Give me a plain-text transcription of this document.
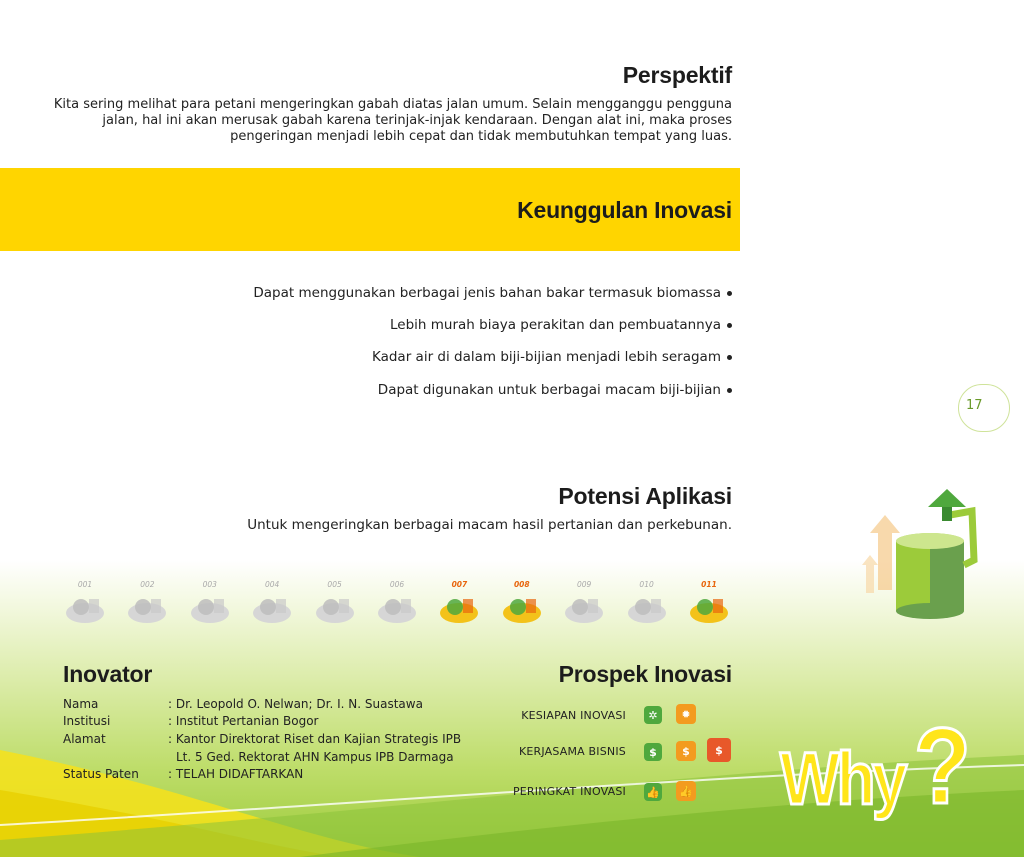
Perspektif
Kita sering melihat para petani mengeringkan gabah diatas jalan umum. Selain mengganggu pengguna
jalan, hal ini akan merusak gabah karena terinjak-injak kendaraan. Dengan alat ini, maka proses
pengeringan menjadi lebih cepat dan tidak membutuhkan tempat yang luas.
Keunggulan Inovasi
Dapat menggunakan berbagai jenis bahan bakar termasuk biomassa
Lebih murah biaya perakitan dan pembuatannya
Kadar air di dalam biji-bijian menjadi lebih seragam
Dapat digunakan untuk berbagai macam biji-bijian
17
Potensi Aplikasi
Untuk mengeringkan berbagai macam hasil pertanian dan perkebunan.
001	002	003	004	005	006	007	008	009	010	011
Inovator
Nama	: Dr. Leopold O. Nelwan; Dr. I. N. Suastawa
Institusi	: Institut Pertanian Bogor
Alamat	: Kantor Direktorat Riset dan Kajian Strategis IPB
Lt. 5 Ged. Rektorat AHN Kampus IPB Darmaga
Status Paten : TELAH DIDAFTARKAN
Prospek Inovasi
KESIAPAN INOVASI	✲	✹
KERJASAMA BISNIS	$	$	$
PERINGKAT INOVASI 👍 👍 Why ?
